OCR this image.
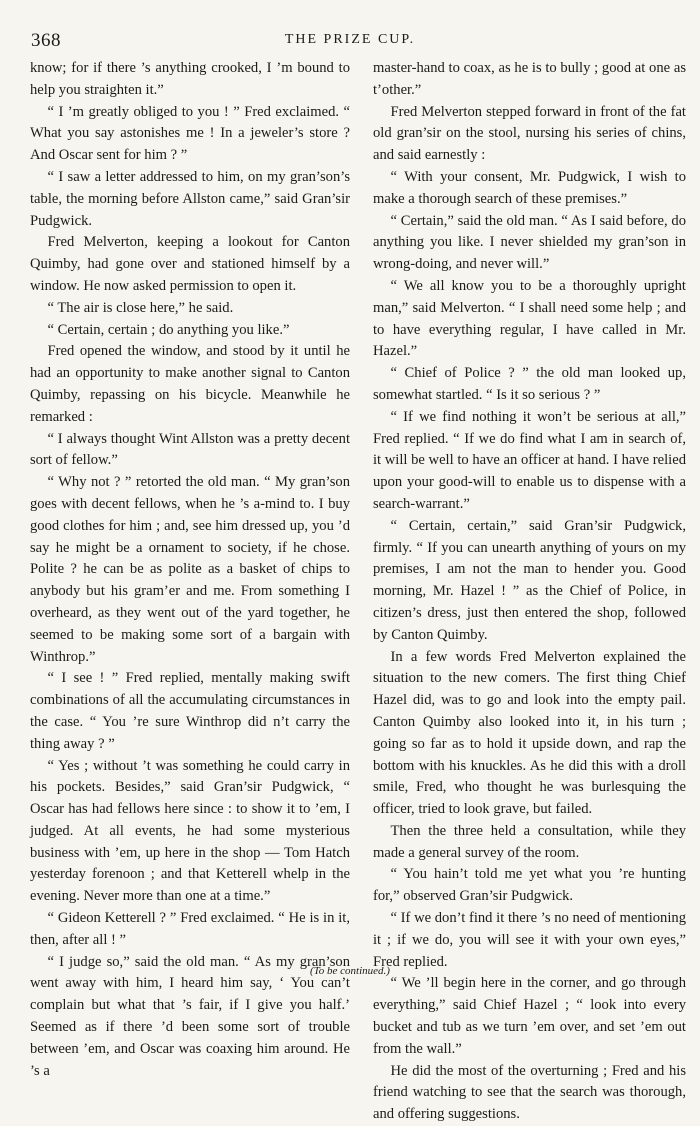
368	THE PRIZE CUP.

know; for if there ’s anything crooked, I ’m bound to help you straighten it.”

“ I ’m greatly obliged to you ! ” Fred exclaimed. “ What you say astonishes me ! In a jeweler’s store ? And Oscar sent for him ? ”

“ I saw a letter addressed to him, on my gran’son’s table, the morning before Allston came,” said Gran’sir Pudgwick.

Fred Melverton, keeping a lookout for Canton Quimby, had gone over and stationed himself by a window. He now asked permission to open it.

“ The air is close here,” he said.

“ Certain, certain ; do anything you like.”

Fred opened the window, and stood by it until he had an opportunity to make another signal to Canton Quimby, repassing on his bicycle. Meanwhile he remarked :

“ I always thought Wint Allston was a pretty decent sort of fellow.”

“ Why not ? ” retorted the old man. “ My gran’son goes with decent fellows, when he ’s a-mind to. I buy good clothes for him ; and, see him dressed up, you ’d say he might be a ornament to society, if he chose. Polite ? he can be as polite as a basket of chips to anybody but his gram’er and me. From something I overheard, as they went out of the yard together, he seemed to be making some sort of a bargain with Winthrop.”

“ I see ! ” Fred replied, mentally making swift combinations of all the accumulating circumstances in the case. “ You ’re sure Winthrop did n’t carry the thing away ? ”

“ Yes ; without ’t was something he could carry in his pockets. Besides,” said Gran’sir Pudgwick, “ Oscar has had fellows here since : to show it to ’em, I judged. At all events, he had some mysterious business with ’em, up here in the shop — Tom Hatch yesterday forenoon ; and that Ketterell whelp in the evening. Never more than one at a time.”

“ Gideon Ketterell ? ” Fred exclaimed. “ He is in it, then, after all ! ”

“ I judge so,” said the old man. “ As my gran’son went away with him, I heard him say, ‘ You can’t complain but what that ’s fair, if I give you half.’ Seemed as if there ’d been some sort of trouble between ’em, and Oscar was coaxing him around. He ’s a

master-hand to coax, as he is to bully ; good at one as t’other.”

Fred Melverton stepped forward in front of the fat old gran’sir on the stool, nursing his series of chins, and said earnestly :

“ With your consent, Mr. Pudgwick, I wish to make a thorough search of these premises.”

“ Certain,” said the old man. “ As I said before, do anything you like. I never shielded my gran’son in wrong-doing, and never will.”

“ We all know you to be a thoroughly upright man,” said Melverton. “ I shall need some help ; and to have everything regular, I have called in Mr. Hazel.”

“ Chief of Police ? ” the old man looked up, somewhat startled. “ Is it so serious ? ”

“ If we find nothing it won’t be serious at all,” Fred replied. “ If we do find what I am in search of, it will be well to have an officer at hand. I have relied upon your good-will to enable us to dispense with a search-warrant.”

“ Certain, certain,” said Gran’sir Pudgwick, firmly. “ If you can unearth anything of yours on my premises, I am not the man to hender you. Good morning, Mr. Hazel ! ” as the Chief of Police, in citizen’s dress, just then entered the shop, followed by Canton Quimby.

In a few words Fred Melverton explained the situation to the new comers. The first thing Chief Hazel did, was to go and look into the empty pail. Canton Quimby also looked into it, in his turn ; going so far as to hold it upside down, and rap the bottom with his knuckles. As he did this with a droll smile, Fred, who thought he was burlesquing the officer, tried to look grave, but failed.

Then the three held a consultation, while they made a general survey of the room.

“ You hain’t told me yet what you ’re hunting for,” observed Gran’sir Pudgwick.

“ If we don’t find it there ’s no need of mentioning it ; if we do, you will see it with your own eyes,” Fred replied.

“ We ’ll begin here in the corner, and go through everything,” said Chief Hazel ; “ look into every bucket and tub as we turn ’em over, and set ’em out from the wall.”

He did the most of the overturning ; Fred and his friend watching to see that the search was thorough, and offering suggestions.

(To be continued.)
